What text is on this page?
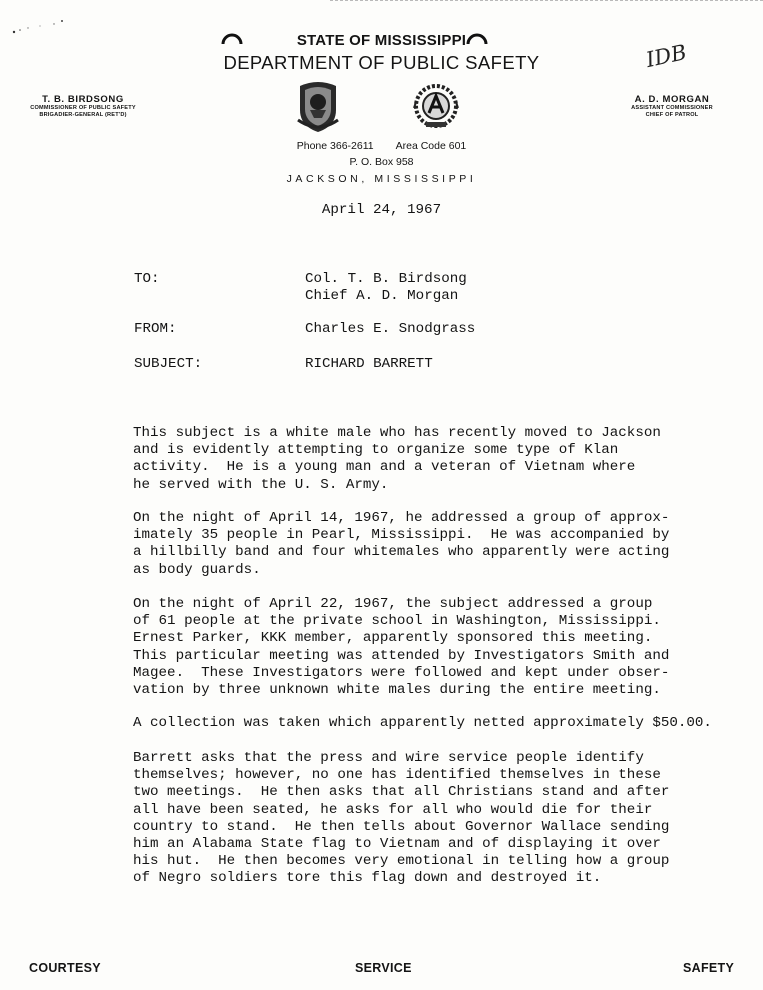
STATE OF MISSISSIPPI
DEPARTMENT OF PUBLIC SAFETY
T. B. BIRDSONG
COMMISSIONER OF PUBLIC SAFETY
BRIGADIER-GENERAL (RET'D)
A. D. MORGAN
ASSISTANT COMMISSIONER
CHIEF OF PATROL
IDB
Phone 366-2611 Area Code 601
P. O. Box 958
JACKSON, MISSISSIPPI
April 24, 1967
TO:	Col. T. B. Birdsong
Chief A. D. Morgan
FROM:	Charles E. Snodgrass
SUBJECT:	RICHARD BARRETT
This subject is a white male who has recently moved to Jackson
and is evidently attempting to organize some type of Klan
activity.  He is a young man and a veteran of Vietnam where
he served with the U. S. Army.
On the night of April 14, 1967, he addressed a group of approx-
imately 35 people in Pearl, Mississippi.  He was accompanied by
a hillbilly band and four whitemales who apparently were acting
as body guards.
On the night of April 22, 1967, the subject addressed a group
of 61 people at the private school in Washington, Mississippi.
Ernest Parker, KKK member, apparently sponsored this meeting.
This particular meeting was attended by Investigators Smith and
Magee.  These Investigators were followed and kept under obser-
vation by three unknown white males during the entire meeting.
A collection was taken which apparently netted approximately $50.00.
Barrett asks that the press and wire service people identify
themselves; however, no one has identified themselves in these
two meetings.  He then asks that all Christians stand and after
all have been seated, he asks for all who would die for their
country to stand.  He then tells about Governor Wallace sending
him an Alabama State flag to Vietnam and of displaying it over
his hut.  He then becomes very emotional in telling how a group
of Negro soldiers tore this flag down and destroyed it.
COURTESY	SERVICE	SAFETY
